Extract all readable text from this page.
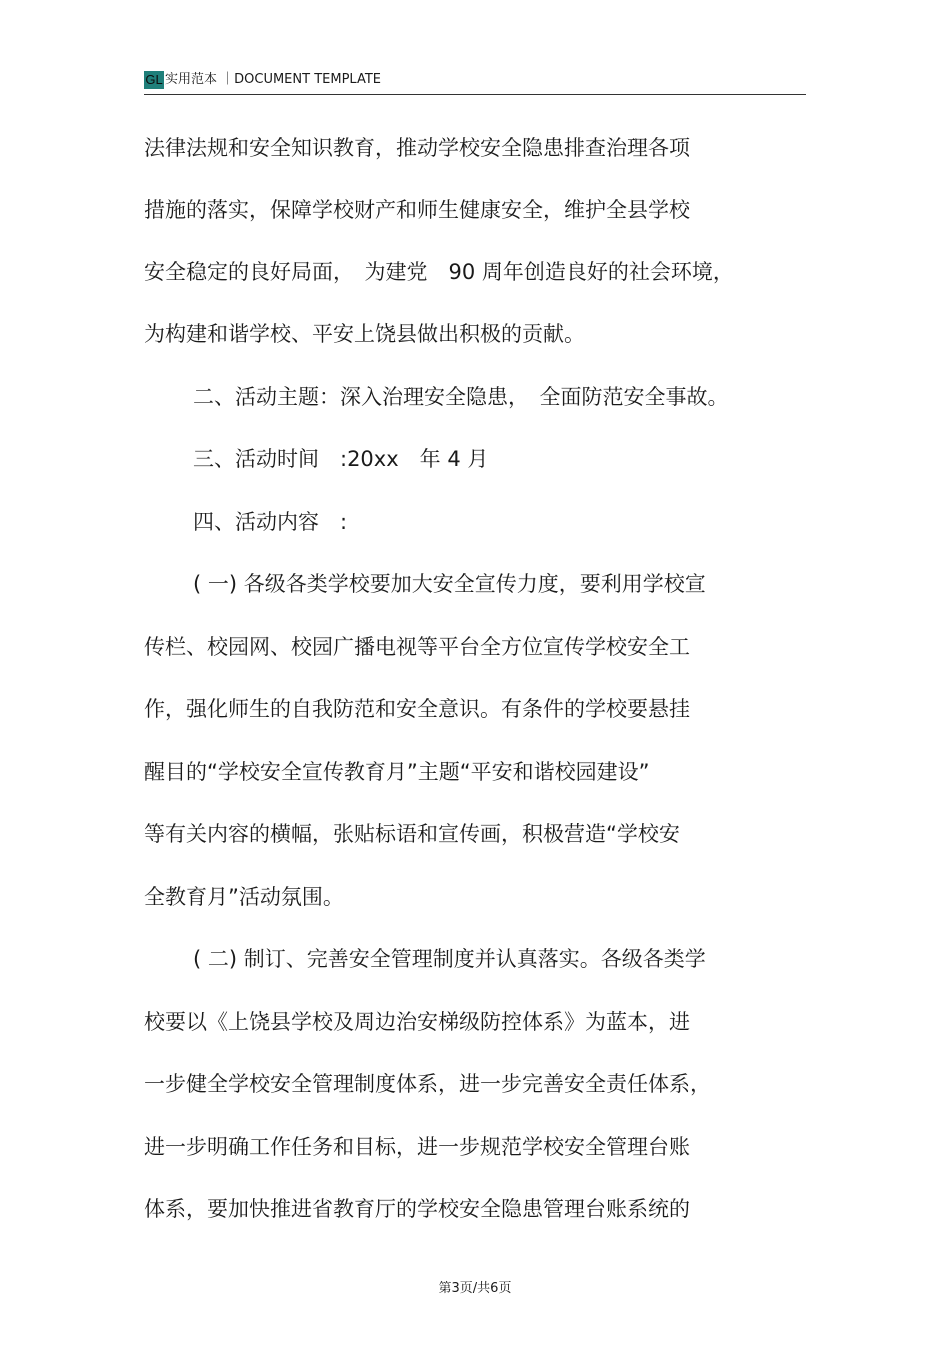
GL 实用范本 ｜DOCUMENT TEMPLATE
法律法规和安全知识教育，推动学校安全隐患排查治理各项
措施的落实，保障学校财产和师生健康安全，维护全县学校
安全稳定的良好局面，　为建党　90 周年创造良好的社会环境，
为构建和谐学校、平安上饶县做出积极的贡献。
二、活动主题：深入治理安全隐患，　全面防范安全事故。
三、活动时间　:20xx　年 4 月
四、活动内容　:
( 一) 各级各类学校要加大安全宣传力度，要利用学校宣
传栏、校园网、校园广播电视等平台全方位宣传学校安全工
作，强化师生的自我防范和安全意识。有条件的学校要悬挂
醒目的“学校安全宣传教育月”主题“平安和谐校园建设”
等有关内容的横幅，张贴标语和宣传画，积极营造“学校安
全教育月”活动氛围。
( 二) 制订、完善安全管理制度并认真落实。各级各类学
校要以《上饶县学校及周边治安梯级防控体系》为蓝本，进
一步健全学校安全管理制度体系，进一步完善安全责任体系，
进一步明确工作任务和目标，进一步规范学校安全管理台账
体系，要加快推进省教育厅的学校安全隐患管理台账系统的
第3页/共6页
